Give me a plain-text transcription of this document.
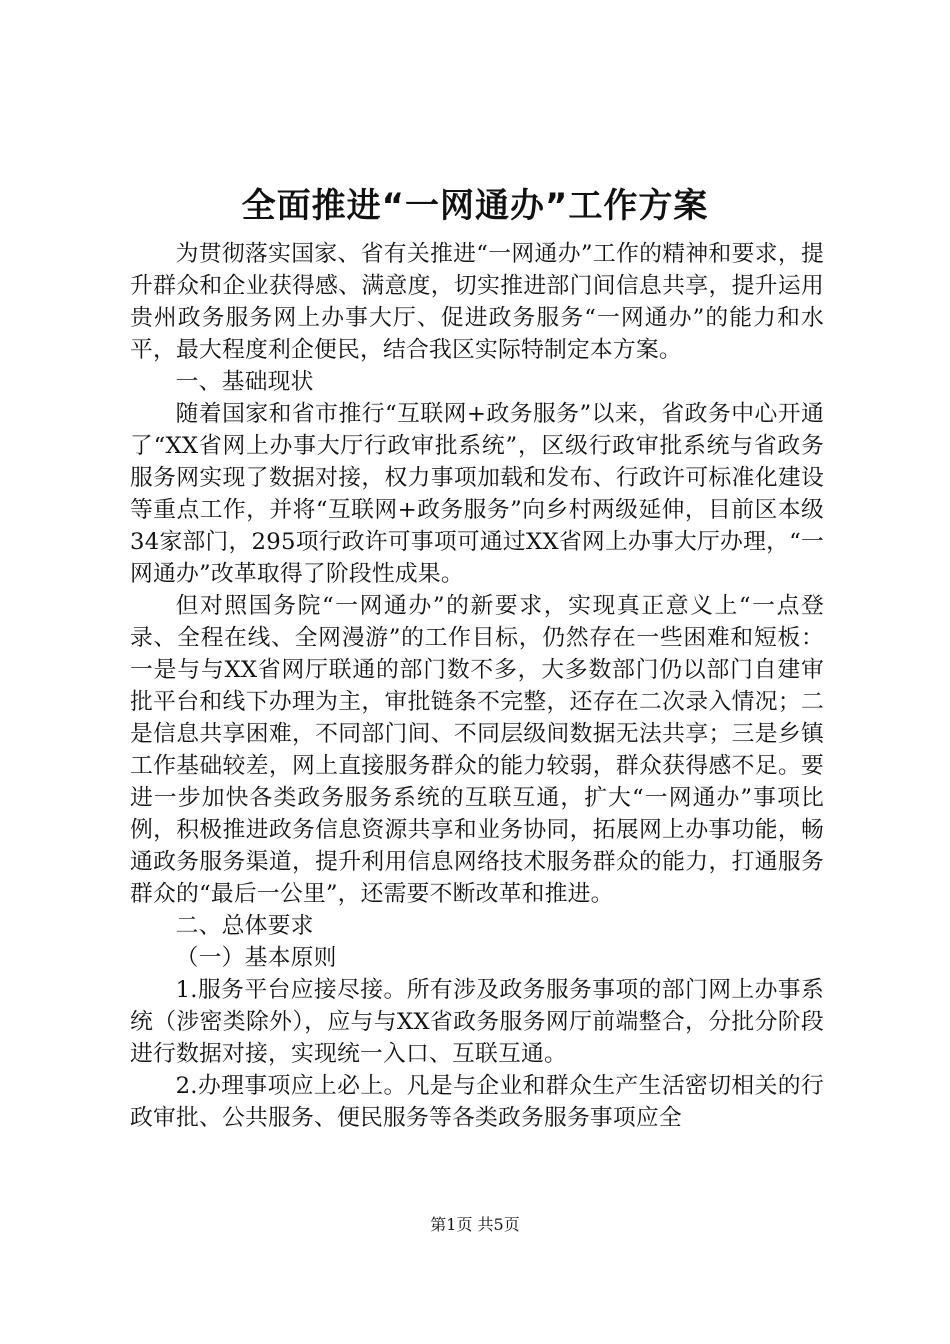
全面推进“一网通办”工作方案

为贯彻落实国家、省有关推进“一网通办”工作的精神和要求，提升群众和企业获得感、满意度，切实推进部门间信息共享，提升运用贵州政务服务网上办事大厅、促进政务服务“一网通办”的能力和水平，最大程度利企便民，结合我区实际特制定本方案。

一、基础现状

随着国家和省市推行“互联网+政务服务”以来，省政务中心开通了“XX省网上办事大厅行政审批系统”，区级行政审批系统与省政务服务网实现了数据对接，权力事项加载和发布、行政许可标准化建设等重点工作，并将“互联网+政务服务”向乡村两级延伸，目前区本级34家部门，295项行政许可事项可通过XX省网上办事大厅办理，“一网通办”改革取得了阶段性成果。

但对照国务院“一网通办”的新要求，实现真正意义上“一点登录、全程在线、全网漫游”的工作目标，仍然存在一些困难和短板：一是与与XX省网厅联通的部门数不多，大多数部门仍以部门自建审批平台和线下办理为主，审批链条不完整，还存在二次录入情况；二是信息共享困难，不同部门间、不同层级间数据无法共享；三是乡镇工作基础较差，网上直接服务群众的能力较弱，群众获得感不足。要进一步加快各类政务服务系统的互联互通，扩大“一网通办”事项比例，积极推进政务信息资源共享和业务协同，拓展网上办事功能，畅通政务服务渠道，提升利用信息网络技术服务群众的能力，打通服务群众的“最后一公里”，还需要不断改革和推进。

二、总体要求

（一）基本原则

1.服务平台应接尽接。所有涉及政务服务事项的部门网上办事系统（涉密类除外），应与与XX省政务服务网厅前端整合，分批分阶段进行数据对接，实现统一入口、互联互通。

2.办理事项应上必上。凡是与企业和群众生产生活密切相关的行政审批、公共服务、便民服务等各类政务服务事项应全

第1页 共5页
